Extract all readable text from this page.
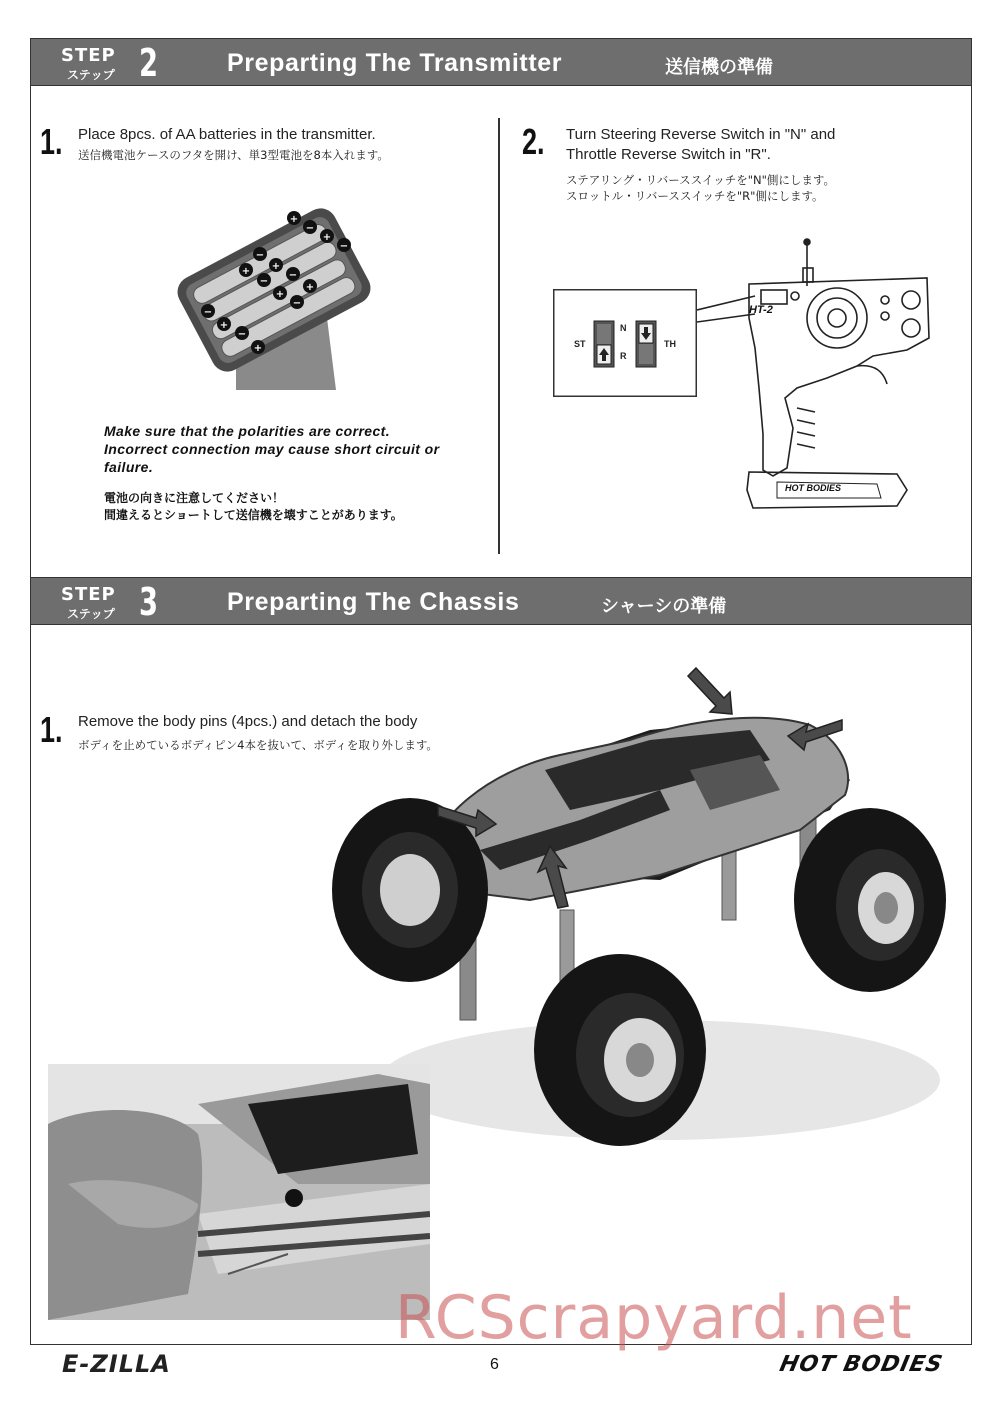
STEP
ステップ 2	Preparting The Transmitter	送信機の準備
1. Place 8pcs. of AA batteries in the transmitter.
送信機電池ケースのフタを開け、単3型電池を8本入れます。
+
−
+
−
−
+
−
+
+
−
+
−
−
+
−
+
Make sure that the polarities are correct.
Incorrect connection may cause short circuit or
failure.
電池の向きに注意してください！
間違えるとショートして送信機を壊すことがあります。
2. Turn Steering Reverse Switch in "N" and
Throttle Reverse Switch in "R".
ステアリング・リバーススイッチを"N"側にします。
スロットル・リバーススイッチを"R"側にします。
ST
N
R
TH
HT-2
HOT BODIES
STEP
ステップ 3	Preparting The Chassis	シャーシの準備
1. Remove the body pins (4pcs.) and detach the body
ボディを止めているボディピン4本を抜いて、ボディを取り外します。
E-ZILLA	6	HOT BODIES
RCScrapyard.net
